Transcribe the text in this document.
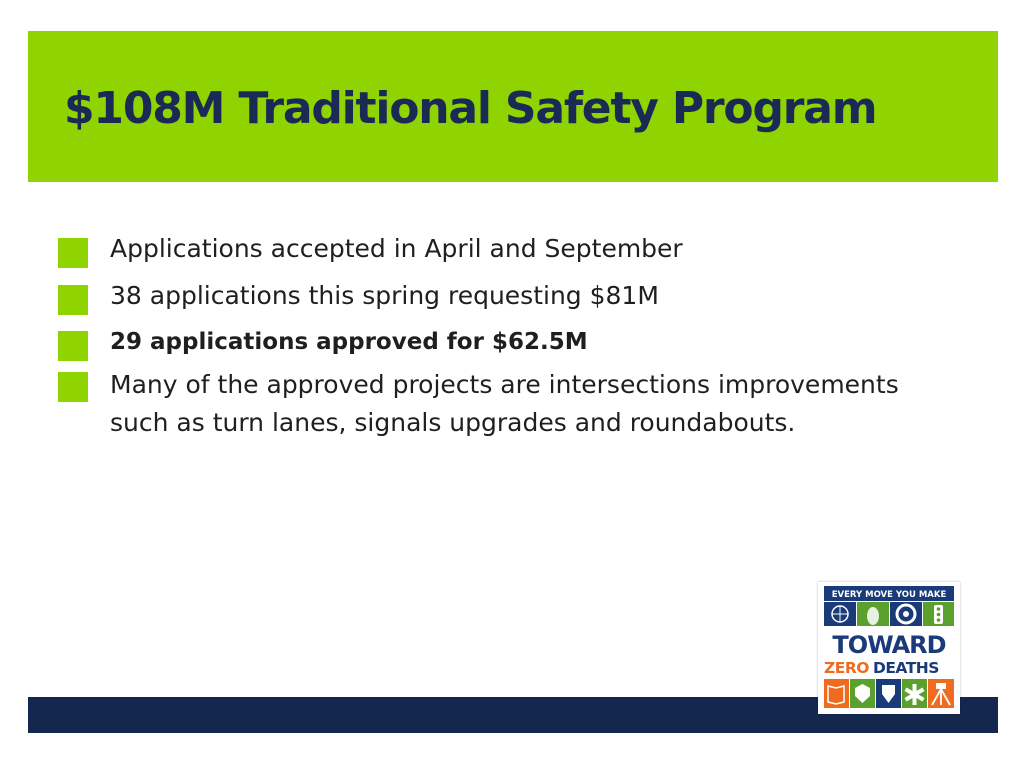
$108M Traditional Safety Program
Applications accepted in April and September
38 applications this spring requesting $81M
29 applications approved for $62.5M
Many of the approved projects are intersections improvements such as turn lanes, signals upgrades and roundabouts.
EVERY MOVE YOU MAKE
TOWARD
ZERO DEATHS
